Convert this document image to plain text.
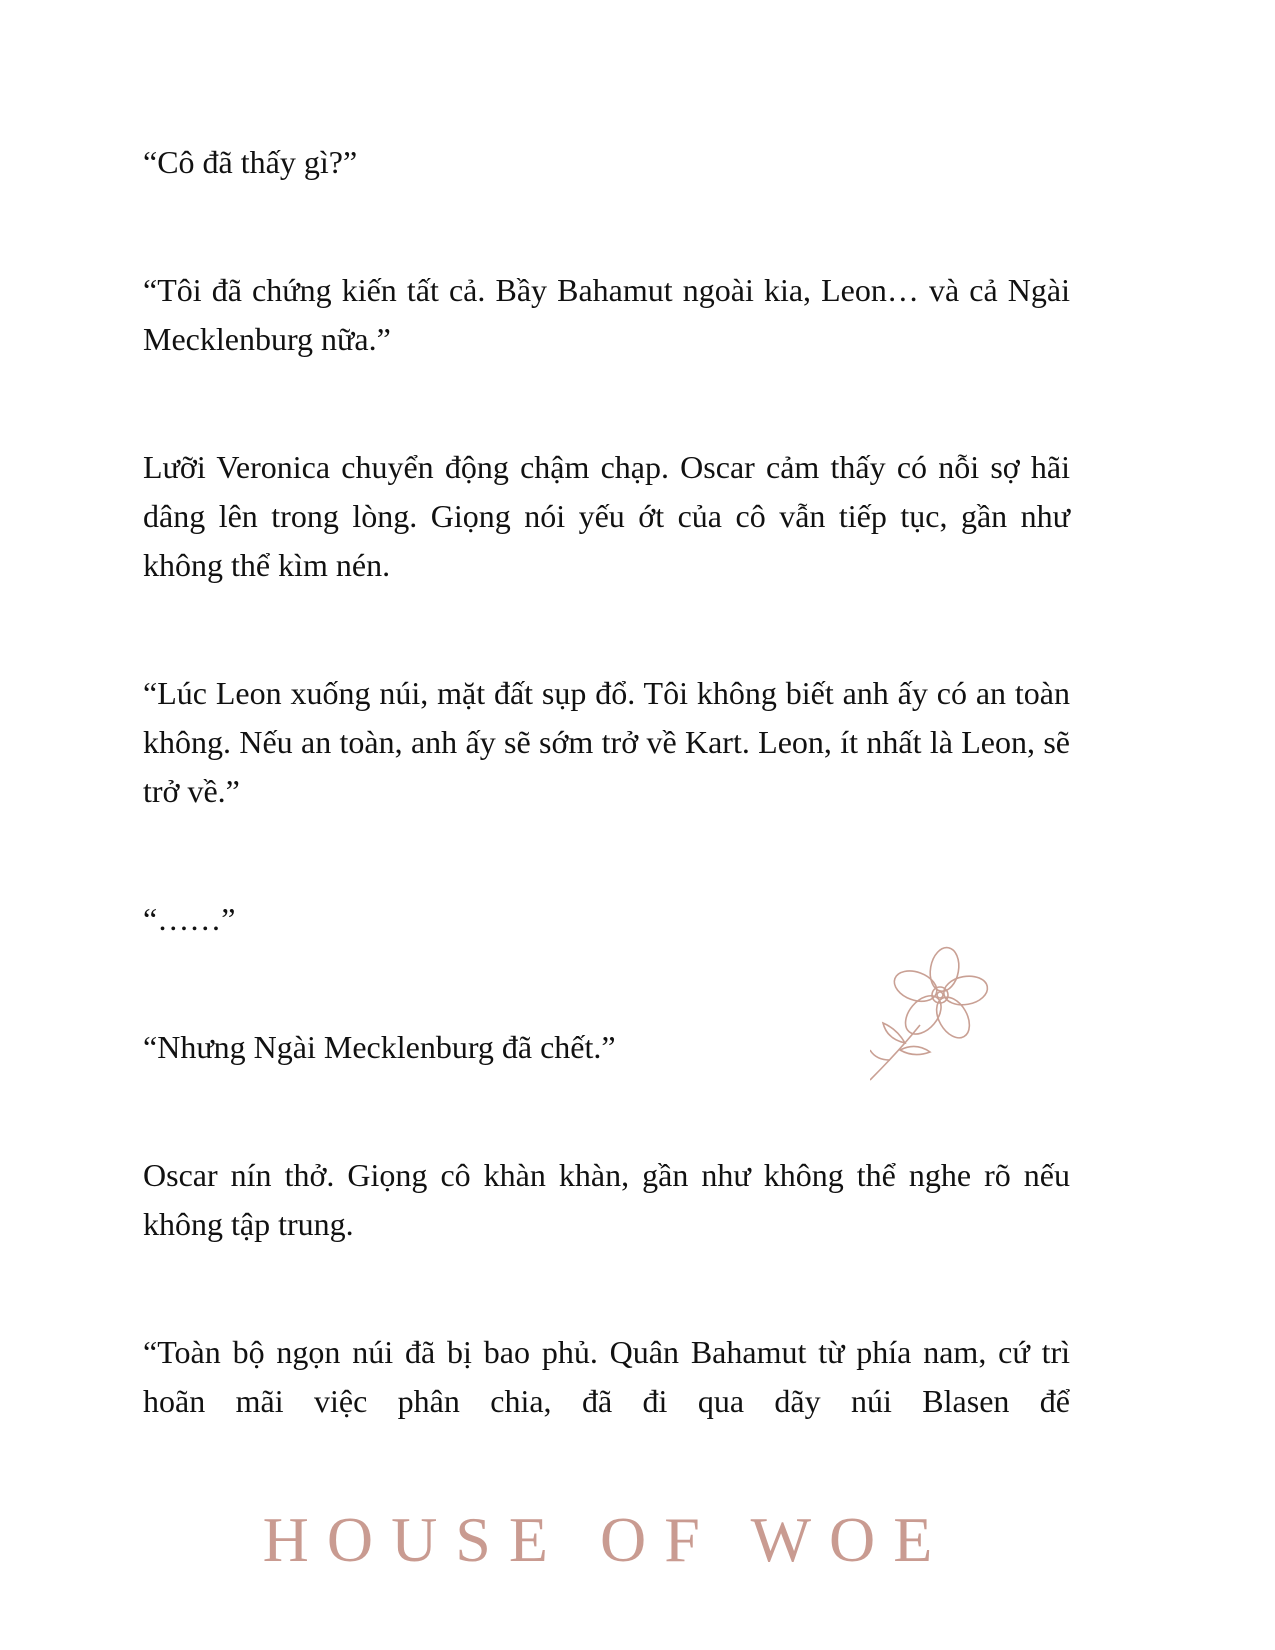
“Cô đã thấy gì?”

“Tôi đã chứng kiến tất cả. Bầy Bahamut ngoài kia, Leon… và cả Ngài Mecklenburg nữa.”

Lưỡi Veronica chuyển động chậm chạp. Oscar cảm thấy có nỗi sợ hãi dâng lên trong lòng. Giọng nói yếu ớt của cô vẫn tiếp tục, gần như không thể kìm nén.

“Lúc Leon xuống núi, mặt đất sụp đổ. Tôi không biết anh ấy có an toàn không. Nếu an toàn, anh ấy sẽ sớm trở về Kart. Leon, ít nhất là Leon, sẽ trở về.”

“……”

“Nhưng Ngài Mecklenburg đã chết.”

Oscar nín thở. Giọng cô khàn khàn, gần như không thể nghe rõ nếu không tập trung.

“Toàn bộ ngọn núi đã bị bao phủ. Quân Bahamut từ phía nam, cứ trì hoãn mãi việc phân chia, đã đi qua dãy núi Blasen để

HOUSE OF WOE
